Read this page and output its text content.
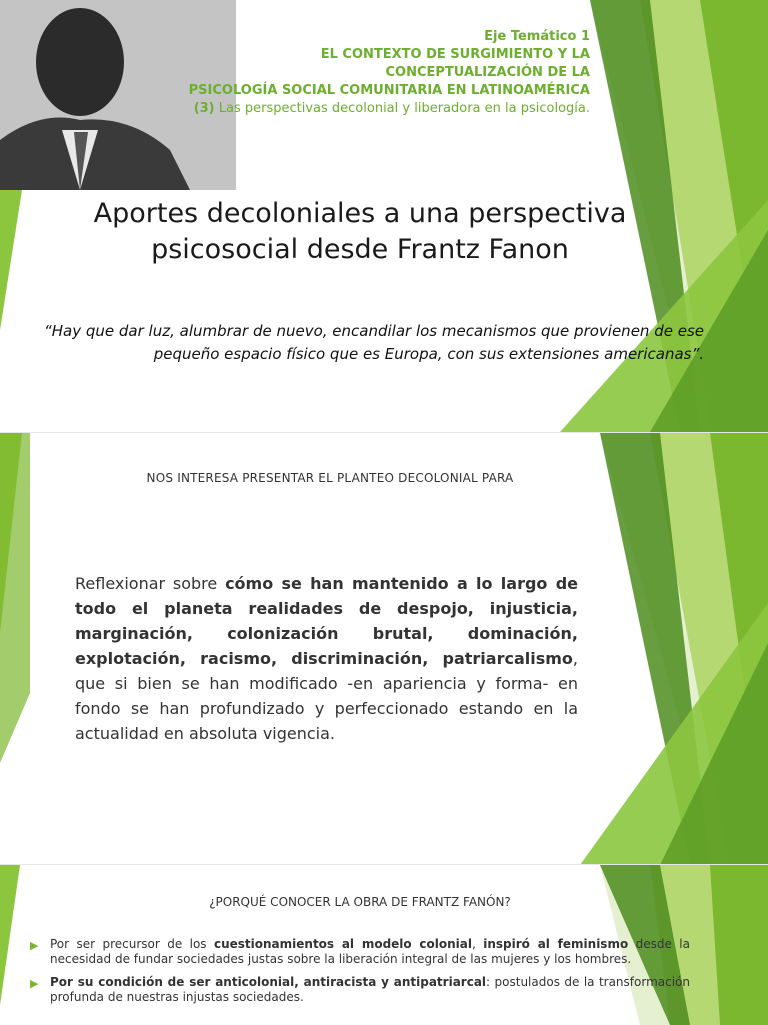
Eje Temático 1
EL CONTEXTO DE SURGIMIENTO Y LA
CONCEPTUALIZACIÓN DE LA
PSICOLOGÍA SOCIAL COMUNITARIA EN LATINOAMÉRICA
(3) Las perspectivas decolonial y liberadora en la psicología.
Aportes decoloniales a una perspectiva psicosocial desde Frantz Fanon
“Hay que dar luz, alumbrar de nuevo, encandilar los mecanismos que provienen de ese pequeño espacio físico que es Europa, con sus extensiones americanas”.
NOS INTERESA PRESENTAR EL PLANTEO DECOLONIAL PARA
Reflexionar sobre cómo se han mantenido a lo largo de todo el planeta realidades de despojo, injusticia, marginación, colonización brutal, dominación, explotación, racismo, discriminación, patriarcalismo, que si bien se han modificado -en apariencia y forma- en fondo se han profundizado y perfeccionado estando en la actualidad en absoluta vigencia.
¿PORQUÉ CONOCER LA OBRA DE FRANTZ FANÓN?
▶ Por ser precursor de los cuestionamientos al modelo colonial, inspiró al feminismo desde la necesidad de fundar sociedades justas sobre la liberación integral de las mujeres y los hombres.
▶ Por su condición de ser anticolonial, antiracista y antipatriarcal: postulados de la transformación profunda de nuestras injustas sociedades.
